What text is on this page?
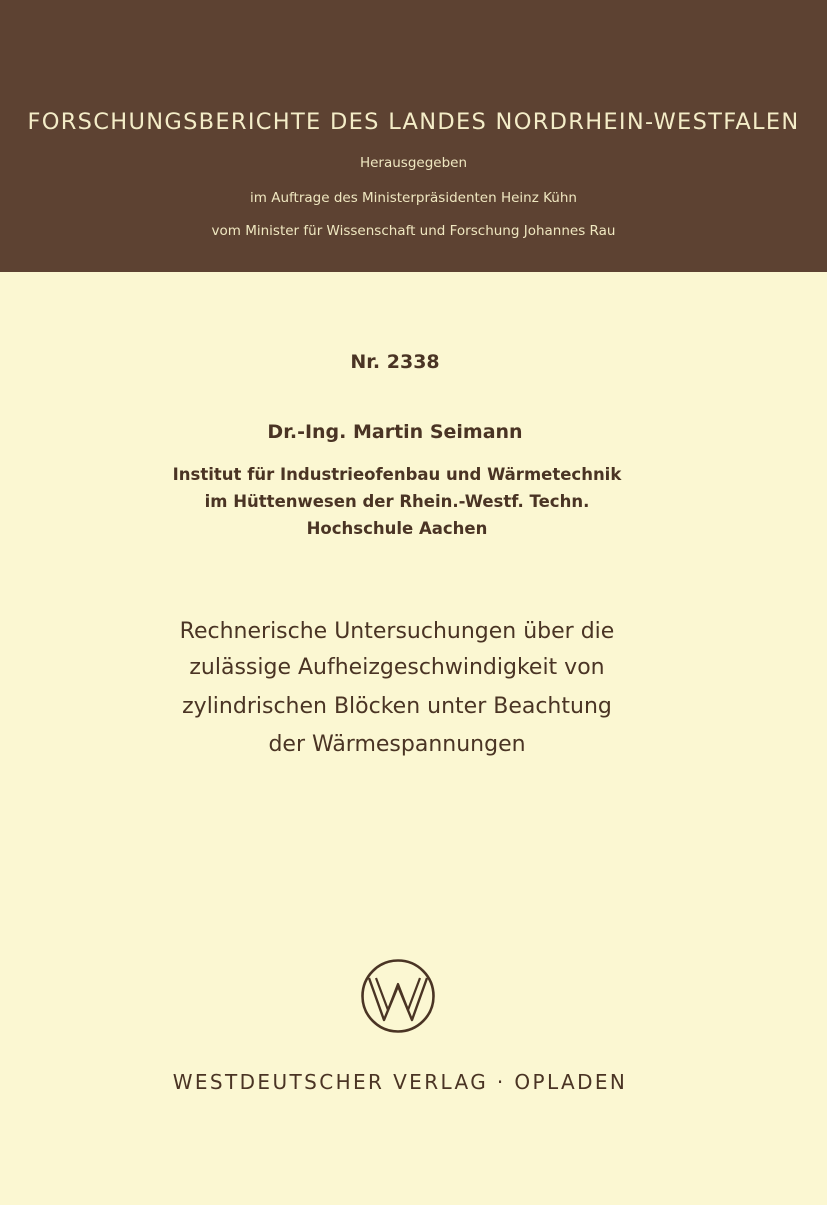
FORSCHUNGSBERICHTE DES LANDES NORDRHEIN-WESTFALEN
Herausgegeben
im Auftrage des Ministerpräsidenten Heinz Kühn
vom Minister für Wissenschaft und Forschung Johannes Rau
Nr. 2338
Dr.-Ing. Martin Seimann
Institut für Industrieofenbau und Wärmetechnik
im Hüttenwesen der Rhein.-Westf. Techn.
Hochschule Aachen
Rechnerische Untersuchungen über die
zulässige Aufheizgeschwindigkeit von
zylindrischen Blöcken unter Beachtung
der Wärmespannungen
WESTDEUTSCHER VERLAG · OPLADEN
